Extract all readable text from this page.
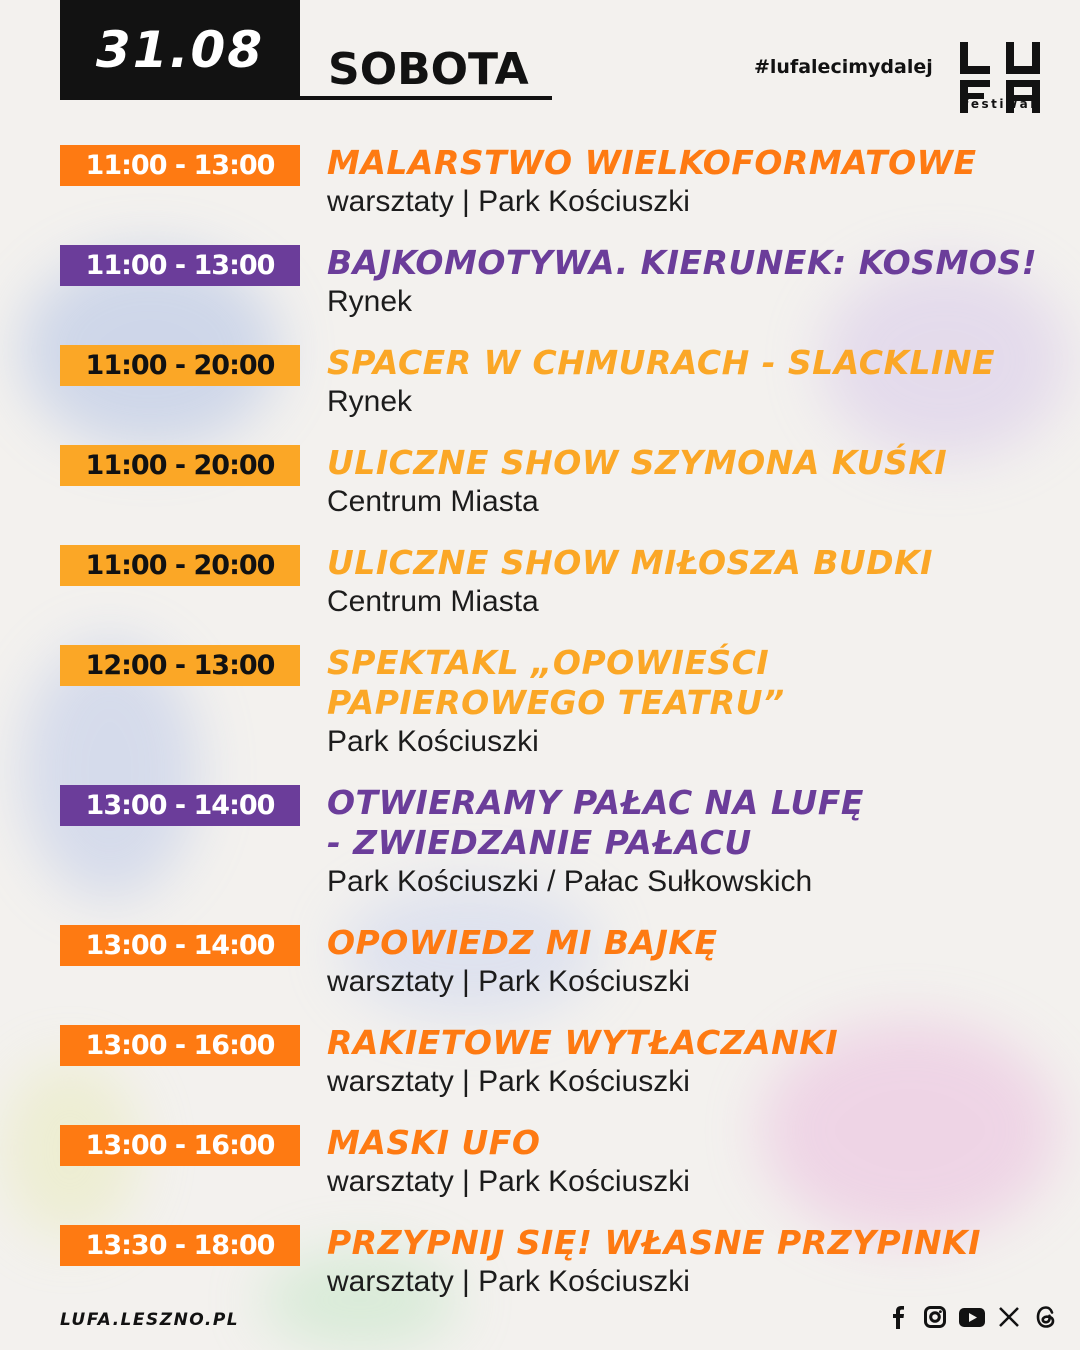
31.08	SOBOTA	#lufalecimydalej
festiwal
11:00 - 13:00	MALARSTWO WIELKOFORMATOWE
warsztaty | Park Kościuszki
11:00 - 13:00	BAJKOMOTYWA. KIERUNEK: KOSMOS!
Rynek
11:00 - 20:00	SPACER W CHMURACH - SLACKLINE
Rynek
11:00 - 20:00	ULICZNE SHOW SZYMONA KUŚKI
Centrum Miasta
11:00 - 20:00	ULICZNE SHOW MIŁOSZA BUDKI
Centrum Miasta
12:00 - 13:00	SPEKTAKL „OPOWIEŚCI
PAPIEROWEGO TEATRU”
Park Kościuszki
13:00 - 14:00	OTWIERAMY PAŁAC NA LUFĘ
- ZWIEDZANIE PAŁACU
Park Kościuszki / Pałac Sułkowskich
13:00 - 14:00	OPOWIEDZ MI BAJKĘ
warsztaty | Park Kościuszki
13:00 - 16:00	RAKIETOWE WYTŁACZANKI
warsztaty | Park Kościuszki
13:00 - 16:00	MASKI UFO
warsztaty | Park Kościuszki
13:30 - 18:00	PRZYPNIJ SIĘ! WŁASNE PRZYPINKI
warsztaty | Park Kościuszki
LUFA.LESZNO.PL
